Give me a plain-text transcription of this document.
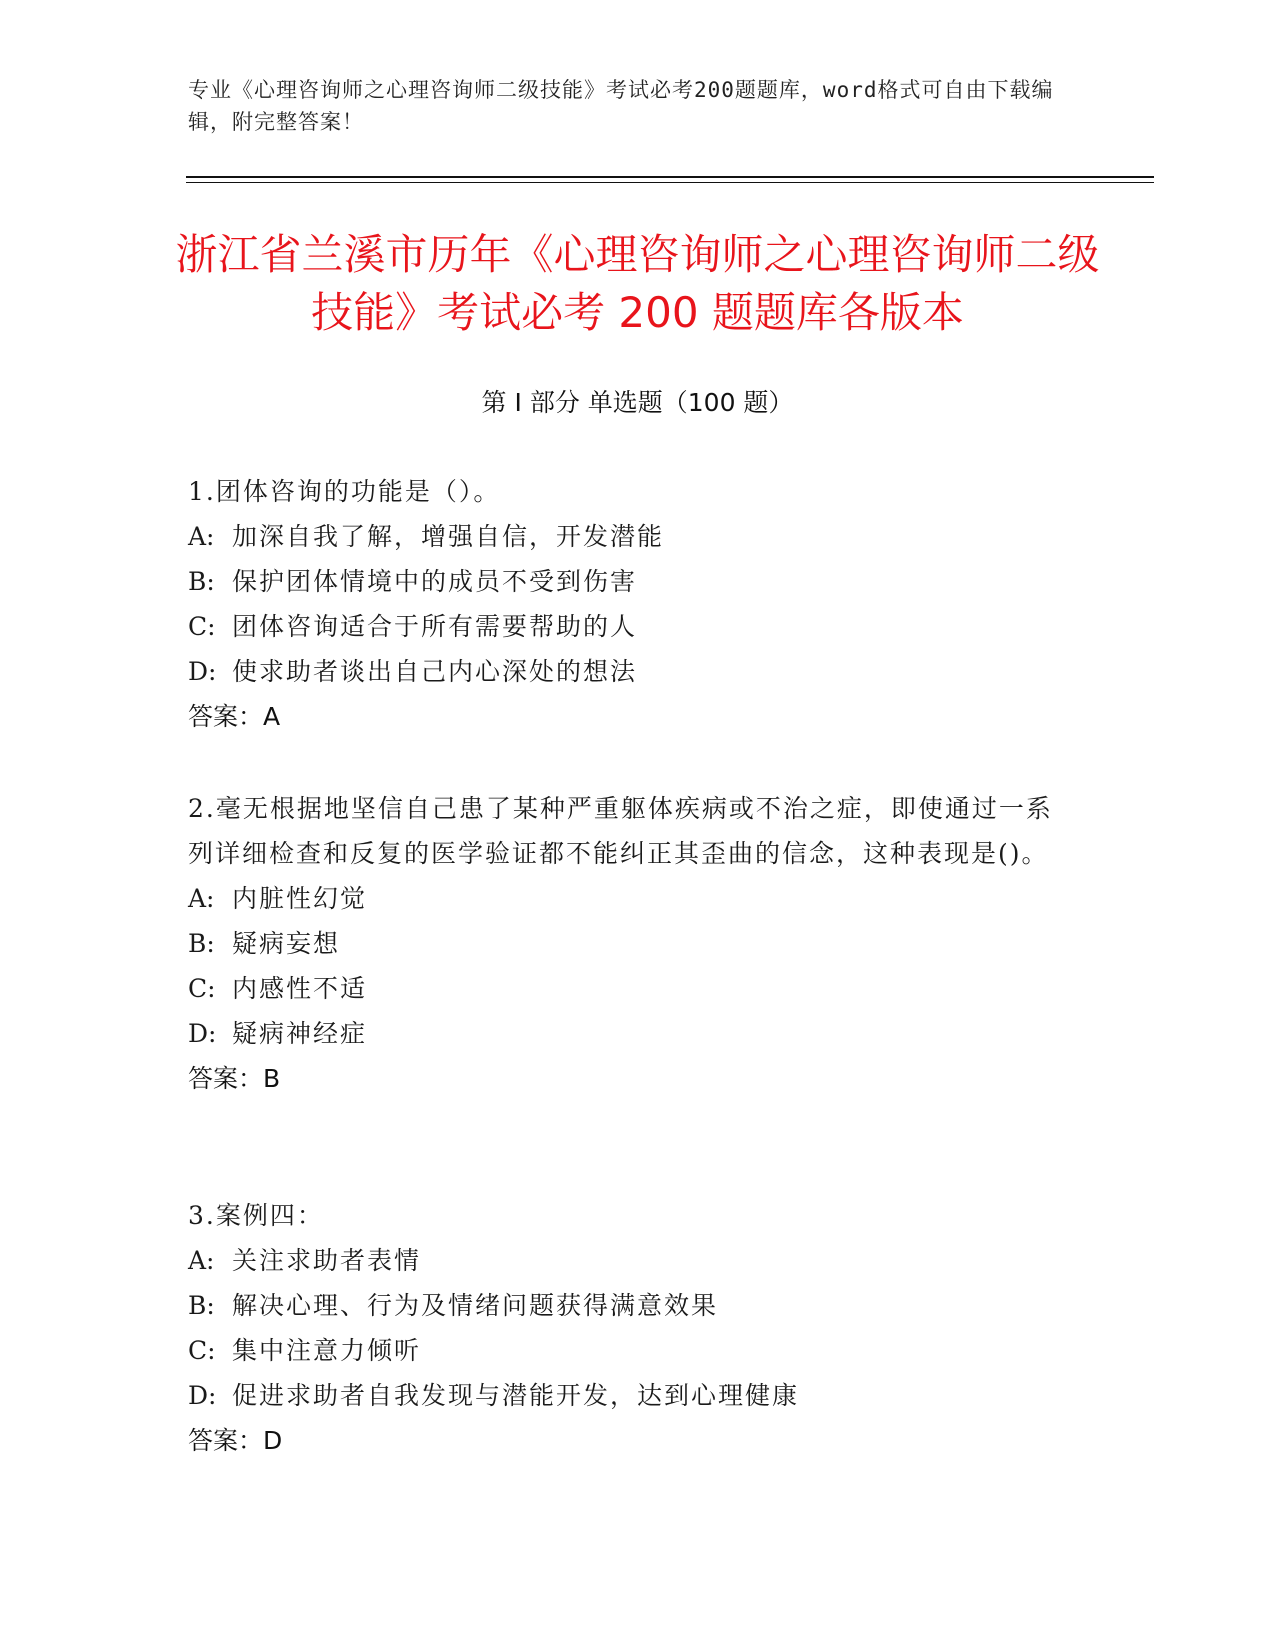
专业《心理咨询师之心理咨询师二级技能》考试必考200题题库，word格式可自由下载编辑，附完整答案！
浙江省兰溪市历年《心理咨询师之心理咨询师二级技能》考试必考 200 题题库各版本
第 I 部分 单选题（100 题）
1.团体咨询的功能是（）。
A: 加深自我了解，增强自信，开发潜能
B: 保护团体情境中的成员不受到伤害
C: 团体咨询适合于所有需要帮助的人
D: 使求助者谈出自己内心深处的想法
答案：A
2.毫无根据地坚信自己患了某种严重躯体疾病或不治之症，即使通过一系列详细检查和反复的医学验证都不能纠正其歪曲的信念，这种表现是()。
A: 内脏性幻觉
B: 疑病妄想
C: 内感性不适
D: 疑病神经症
答案：B
3.案例四：
A: 关注求助者表情
B: 解决心理、行为及情绪问题获得满意效果
C: 集中注意力倾听
D: 促进求助者自我发现与潜能开发，达到心理健康
答案：D
